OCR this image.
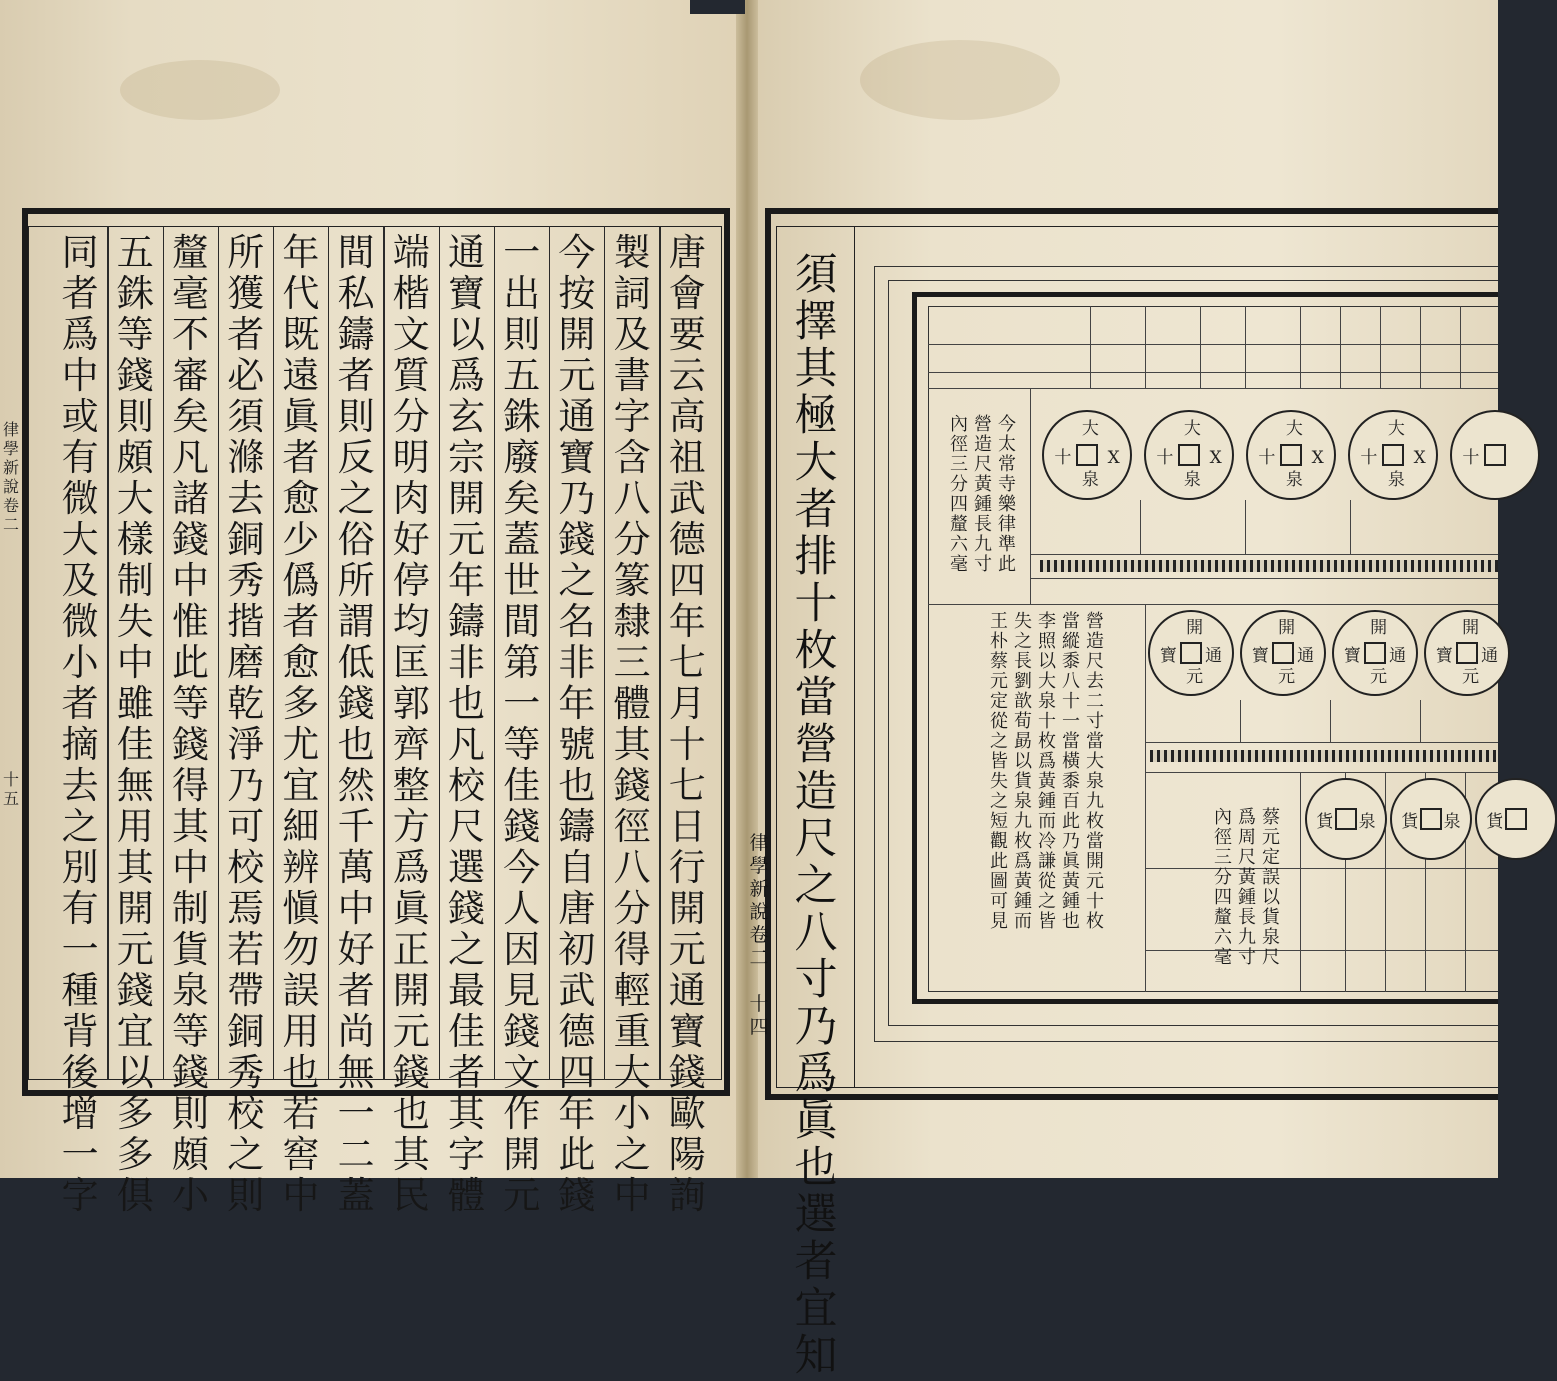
唐
會
要
云
高
祖
武
德
四
年
七
月
十
七
日
行
開
元
通
寶
錢
歐
陽
詢
製
詞
及
書
字
含
八
分
篆
隸
三
體
其
錢
徑
八
分
得
輕
重
大
小
之
中
今
按
開
元
通
寶
乃
錢
之
名
非
年
號
也
鑄
自
唐
初
武
德
四
年
此
錢
一
出
則
五
銖
廢
矣
蓋
世
間
第
一
等
佳
錢
今
人
因
見
錢
文
作
開
元
通
寶
以
爲
玄
宗
開
元
年
鑄
非
也
凡
校
尺
選
錢
之
最
佳
者
其
字
體
端
楷
文
質
分
明
肉
好
停
均
匡
郭
齊
整
方
爲
眞
正
開
元
錢
也
其
民
間
私
鑄
者
則
反
之
俗
所
謂
低
錢
也
然
千
萬
中
好
者
尚
無
一
二
蓋
年
代
既
遠
眞
者
愈
少
僞
者
愈
多
尤
宜
細
辨
愼
勿
誤
用
也
若
窖
中
所
獲
者
必
須
滌
去
銅
秀
揩
磨
乾
淨
乃
可
校
焉
若
帶
銅
秀
校
之
則
釐
毫
不
審
矣
凡
諸
錢
中
惟
此
等
錢
得
其
中
制
貨
泉
等
錢
則
頗
小
五
銖
等
錢
則
頗
大
樣
制
失
中
雖
佳
無
用
其
開
元
錢
宜
以
多
多
俱
同
者
爲
中
或
有
微
大
及
微
小
者
摘
去
之
別
有
一
種
背
後
增
一
字
律
學
新
說
卷
二
十
五
須
擇
其
極
大
者
排
十
枚
當
營
造
尺
之
八
寸
乃
爲
眞
也
選
者
宜
知
律
學
新
說
卷
二

十
四
十 Ⅹ
大
泉
十 Ⅹ
大
泉
十 Ⅹ
大
泉
十 Ⅹ
大
泉
十
寶 通
開
元
寶 通
開
元
寶 通
開
元
寶 通
開
元
貨 泉 貨 泉 貨
今
太
常
寺
樂
律
準
此
營
造
尺
黃
鍾
長
九
寸
內
徑
三
分
四
釐
六
毫
營
造
尺
去
二
寸
當
大
泉
九
枚
當
開
元
十
枚
當
縱
黍
八
十
一
當
橫
黍
百
此
乃
眞
黃
鍾
也
李
照
以
大
泉
十
枚
爲
黃
鍾
而
冷
謙
從
之
皆
失
之
長
劉
歆
荀
勗
以
貨
泉
九
枚
爲
黃
鍾
而
王
朴
蔡
元
定
從
之
皆
失
之
短
觀
此
圖
可
見
蔡
元
定
誤
以
貨
泉
尺
爲
周
尺
黃
鍾
長
九
寸
內
徑
三
分
四
釐
六
毫
